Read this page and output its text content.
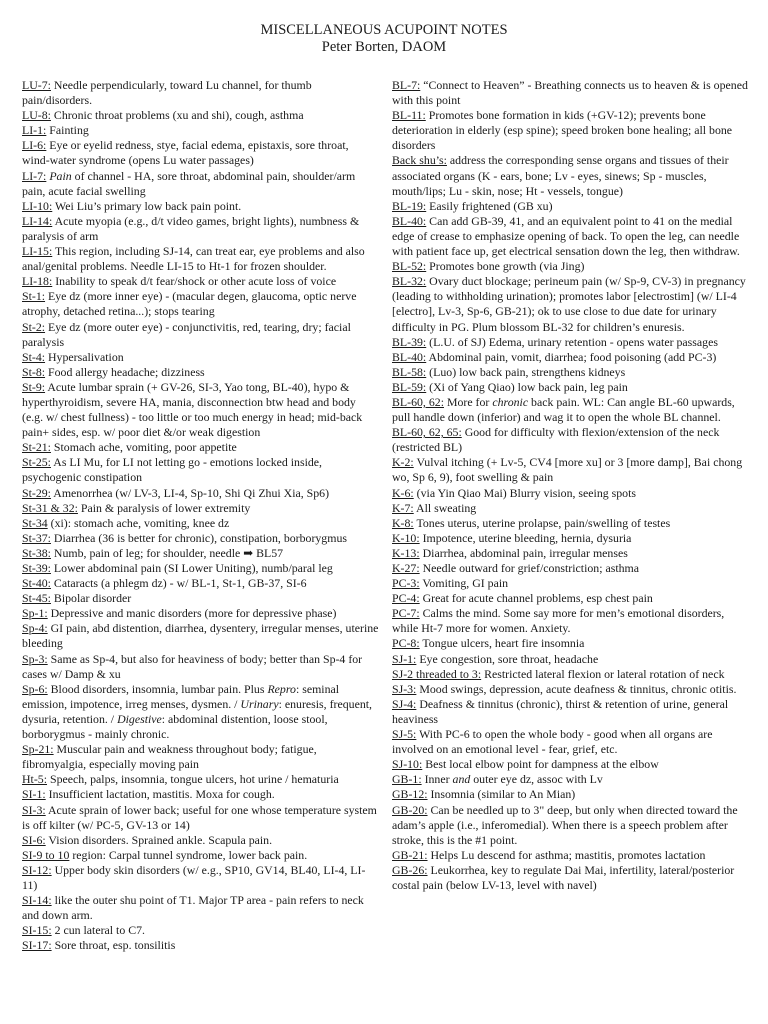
MISCELLANEOUS ACUPOINT NOTES
Peter Borten, DAOM
LU-7: Needle perpendicularly, toward Lu channel, for thumb pain/disorders.
LU-8: Chronic throat problems (xu and shi), cough, asthma
LI-1: Fainting
LI-6: Eye or eyelid redness, stye, facial edema, epistaxis, sore throat, wind-water syndrome (opens Lu water passages)
LI-7: Pain of channel - HA, sore throat, abdominal pain, shoulder/arm pain, acute facial swelling
LI-10: Wei Liu’s primary low back pain point.
LI-14: Acute myopia (e.g., d/t video games, bright lights), numbness & paralysis of arm
LI-15: This region, including SJ-14, can treat ear, eye problems and also anal/genital problems. Needle LI-15 to Ht-1 for frozen shoulder.
LI-18: Inability to speak d/t fear/shock or other acute loss of voice
St-1: Eye dz (more inner eye) - (macular degen, glaucoma, optic nerve atrophy, detached retina...); stops tearing
St-2: Eye dz (more outer eye) - conjunctivitis, red, tearing, dry; facial paralysis
St-4: Hypersalivation
St-8: Food allergy headache; dizziness
St-9: Acute lumbar sprain (+ GV-26, SI-3, Yao tong, BL-40), hypo & hyperthyroidism, severe HA, mania, disconnection btw head and body (e.g. w/ chest fullness) - too little or too much energy in head; mid-back pain+ sides, esp. w/ poor diet &/or weak digestion
St-21: Stomach ache, vomiting, poor appetite
St-25: As LI Mu, for LI not letting go - emotions locked inside, psychogenic constipation
St-29: Amenorrhea (w/ LV-3, LI-4, Sp-10, Shi Qi Zhui Xia, Sp6)
St-31 & 32: Pain & paralysis of lower extremity
St-34 (xi): stomach ache, vomiting, knee dz
St-37: Diarrhea (36 is better for chronic), constipation, borborygmus
St-38: Numb, pain of leg; for shoulder, needle ➡ BL57
St-39: Lower abdominal pain (SI Lower Uniting), numb/paral leg
St-40: Cataracts (a phlegm dz) - w/ BL-1, St-1, GB-37, SI-6
St-45: Bipolar disorder
Sp-1: Depressive and manic disorders (more for depressive phase)
Sp-4: GI pain, abd distention, diarrhea, dysentery, irregular menses, uterine bleeding
Sp-3: Same as Sp-4, but also for heaviness of body; better than Sp-4 for cases w/ Damp & xu
Sp-6: Blood disorders, insomnia, lumbar pain. Plus Repro: seminal emission, impotence, irreg menses, dysmen. / Urinary: enuresis, frequent, dysuria, retention. / Digestive: abdominal distention, loose stool, borborygmus - mainly chronic.
Sp-21: Muscular pain and weakness throughout body; fatigue, fibromyalgia, especially moving pain
Ht-5: Speech, palps, insomnia, tongue ulcers, hot urine / hematuria
SI-1: Insufficient lactation, mastitis. Moxa for cough.
SI-3: Acute sprain of lower back; useful for one whose temperature system is off kilter (w/ PC-5, GV-13 or 14)
SI-6: Vision disorders. Sprained ankle. Scapula pain.
SI-9 to 10 region: Carpal tunnel syndrome, lower back pain.
SI-12: Upper body skin disorders (w/ e.g., SP10, GV14, BL40, LI-4, LI-11)
SI-14: like the outer shu point of T1. Major TP area - pain refers to neck and down arm.
SI-15: 2 cun lateral to C7.
SI-17: Sore throat, esp. tonsilitis
BL-7: “Connect to Heaven” - Breathing connects us to heaven & is opened with this point
BL-11: Promotes bone formation in kids (+GV-12); prevents bone deterioration in elderly (esp spine); speed broken bone healing; all bone disorders
Back shu’s: address the corresponding sense organs and tissues of their associated organs (K - ears, bone; Lv - eyes, sinews; Sp - muscles, mouth/lips; Lu - skin, nose; Ht - vessels, tongue)
BL-19: Easily frightened (GB xu)
BL-40: Can add GB-39, 41, and an equivalent point to 41 on the medial edge of crease to emphasize opening of back. To open the leg, can needle with patient face up, get electrical sensation down the leg, then withdraw.
BL-52: Promotes bone growth (via Jing)
BL-32: Ovary duct blockage; perineum pain (w/ Sp-9, CV-3) in pregnancy (leading to withholding urination); promotes labor [electrostim] (w/ LI-4 [electro], Lv-3, Sp-6, GB-21); ok to use close to due date for urinary difficulty in PG. Plum blossom BL-32 for children’s enuresis.
BL-39: (L.U. of SJ) Edema, urinary retention - opens water passages
BL-40: Abdominal pain, vomit, diarrhea; food poisoning (add PC-3)
BL-58: (Luo) low back pain, strengthens kidneys
BL-59: (Xi of Yang Qiao) low back pain, leg pain
BL-60, 62: More for chronic back pain. WL: Can angle BL-60 upwards, pull handle down (inferior) and wag it to open the whole BL channel.
BL-60, 62, 65: Good for difficulty with flexion/extension of the neck (restricted BL)
K-2: Vulval itching (+ Lv-5, CV4 [more xu] or 3 [more damp], Bai chong wo, Sp 6, 9), foot swelling & pain
K-6: (via Yin Qiao Mai) Blurry vision, seeing spots
K-7: All sweating
K-8: Tones uterus, uterine prolapse, pain/swelling of testes
K-10: Impotence, uterine bleeding, hernia, dysuria
K-13: Diarrhea, abdominal pain, irregular menses
K-27: Needle outward for grief/constriction; asthma
PC-3: Vomiting, GI pain
PC-4: Great for acute channel problems, esp chest pain
PC-7: Calms the mind. Some say more for men’s emotional disorders, while Ht-7 more for women. Anxiety.
PC-8: Tongue ulcers, heart fire insomnia
SJ-1: Eye congestion, sore throat, headache
SJ-2 threaded to 3: Restricted lateral flexion or lateral rotation of neck
SJ-3: Mood swings, depression, acute deafness & tinnitus, chronic otitis.
SJ-4: Deafness & tinnitus (chronic), thirst & retention of urine, general heaviness
SJ-5: With PC-6 to open the whole body - good when all organs are involved on an emotional level - fear, grief, etc.
SJ-10: Best local elbow point for dampness at the elbow
GB-1: Inner and outer eye dz, assoc with Lv
GB-12: Insomnia (similar to An Mian)
GB-20: Can be needled up to 3" deep, but only when directed toward the adam’s apple (i.e., inferomedial). When there is a speech problem after stroke, this is the #1 point.
GB-21: Helps Lu descend for asthma; mastitis, promotes lactation
GB-26: Leukorrhea, key to regulate Dai Mai, infertility, lateral/posterior costal pain (below LV-13, level with navel)
